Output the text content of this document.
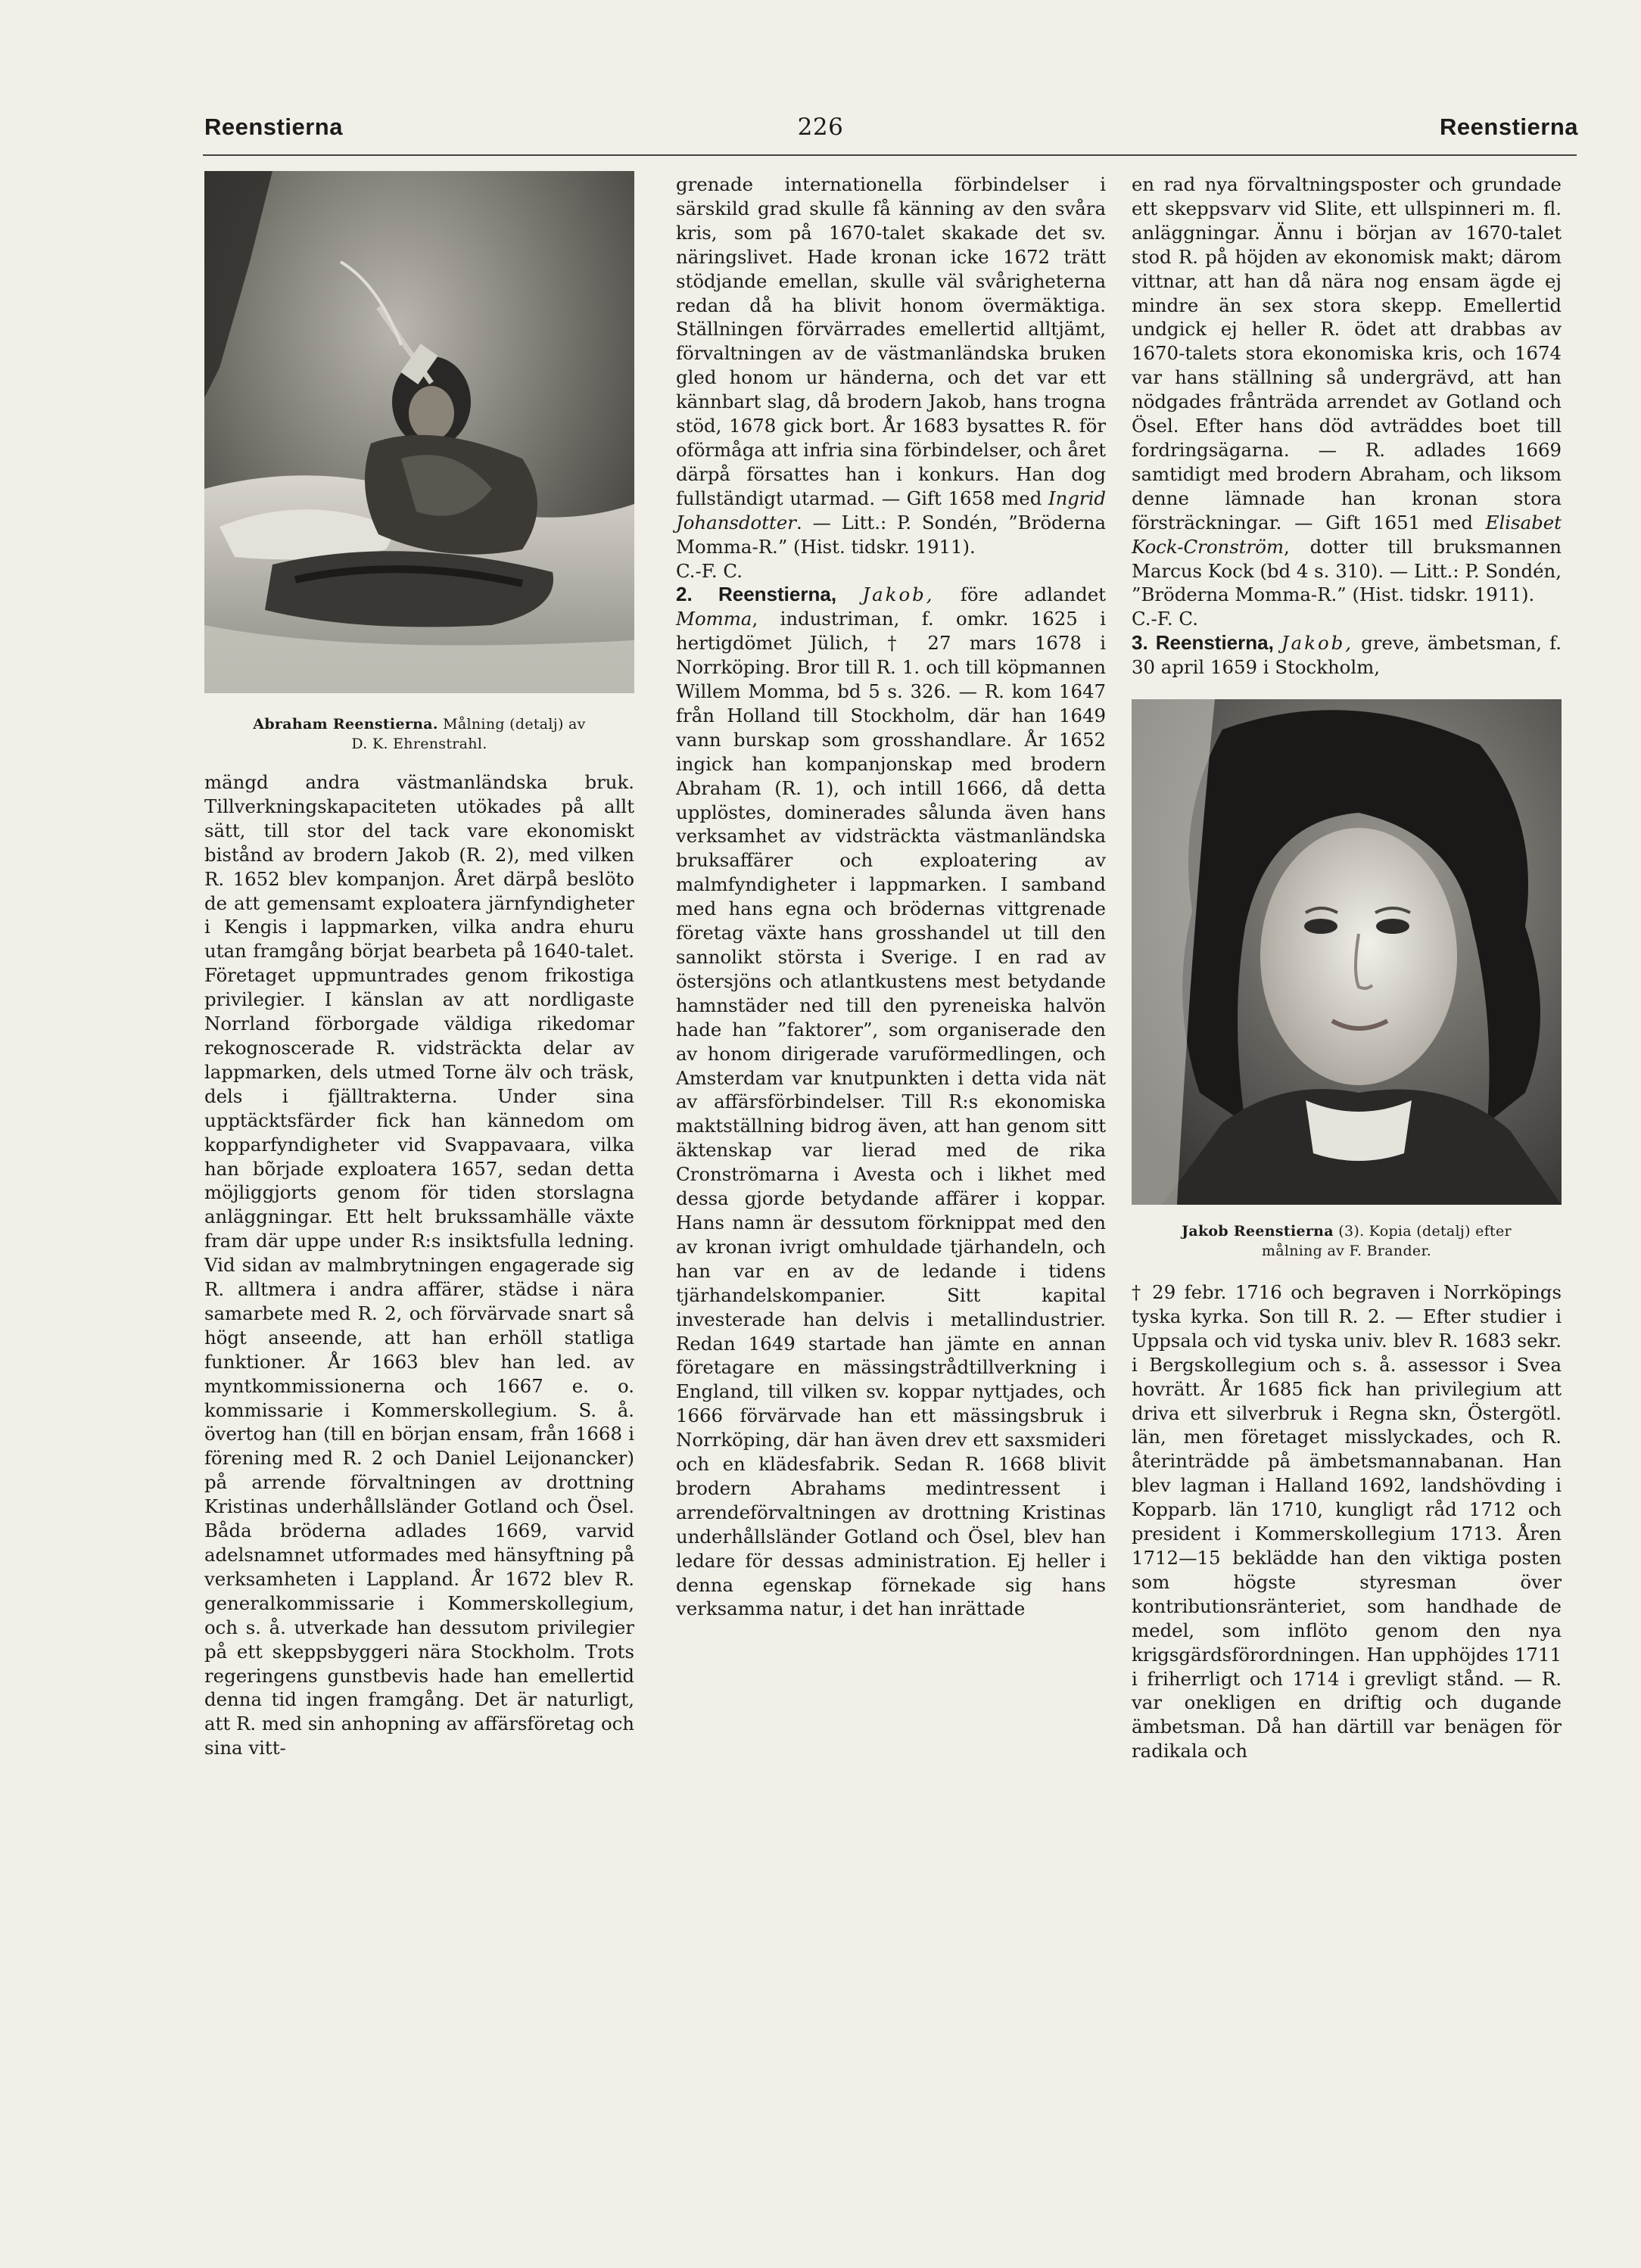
Reenstierna	226	Reenstierna
Abraham Reenstierna. Målning (detalj) av
D. K. Ehrenstrahl.

mängd andra västmanländska bruk. Tillverkningskapaciteten utökades på allt sätt, till stor del tack vare ekonomiskt bistånd av brodern Jakob (R. 2), med vilken R. 1652 blev kompanjon. Året därpå beslöto de att gemensamt exploatera järnfyndigheter i Kengis i lappmarken, vilka andra ehuru utan framgång börjat bearbeta på 1640-talet. Företaget uppmuntrades genom frikostiga privilegier. I känslan av att nordligaste Norrland förborgade väldiga rikedomar rekognoscerade R. vidsträckta delar av lappmarken, dels utmed Torne älv och träsk, dels i fjälltrakterna. Under sina upptäcktsfärder fick han kännedom om kopparfyndigheter vid Svappavaara, vilka han bõrjade exploatera 1657, sedan detta möjliggjorts genom för tiden storslagna anläggningar. Ett helt brukssamhälle växte fram där uppe under R:s insiktsfulla ledning. Vid sidan av malmbrytningen engagerade sig R. alltmera i andra affärer, städse i nära samarbete med R. 2, och förvärvade snart så högt anseende, att han erhöll statliga funktioner. År 1663 blev han led. av myntkommissionerna och 1667 e. o. kommissarie i Kommerskollegium. S. å. övertog han (till en början ensam, från 1668 i förening med R. 2 och Daniel Leijonancker) på arrende förvaltningen av drottning Kristinas underhållsländer Gotland och Ösel. Båda bröderna adlades 1669, varvid adelsnamnet utformades med hänsyftning på verksamheten i Lappland. År 1672 blev R. generalkommissarie i Kommerskollegium, och s. å. utverkade han dessutom privilegier på ett skeppsbyggeri nära Stockholm. Trots regeringens gunstbevis hade han emellertid denna tid ingen framgång. Det är naturligt, att R. med sin anhopning av affärsföretag och sina vitt-

grenade internationella förbindelser i särskild grad skulle få känning av den svåra kris, som på 1670-talet skakade det sv. näringslivet. Hade kronan icke 1672 trätt stödjande emellan, skulle väl svårigheterna redan då ha blivit honom övermäktiga. Ställningen förvärrades emellertid alltjämt, förvaltningen av de västmanländska bruken gled honom ur händerna, och det var ett kännbart slag, då brodern Jakob, hans trogna stöd, 1678 gick bort. År 1683 bysattes R. för oförmåga att infria sina förbindelser, och året därpå försattes han i konkurs. Han dog fullständigt utarmad. — Gift 1658 med Ingrid Johansdotter. — Litt.: P. Sondén, ”Bröderna Momma-R.” (Hist. tidskr. 1911).

C.-F. C.

2. Reenstierna, Jakob, före adlandet Momma, industriman, f. omkr. 1625 i hertigdömet Jülich, † 27 mars 1678 i Norrköping. Bror till R. 1. och till köpmannen Willem Momma, bd 5 s. 326. — R. kom 1647 från Holland till Stockholm, där han 1649 vann burskap som grosshandlare. År 1652 ingick han kompanjonskap med brodern Abraham (R. 1), och intill 1666, då detta upplöstes, dominerades sålunda även hans verksamhet av vidsträckta västmanländska bruksaffärer och exploatering av malmfyndigheter i lappmarken. I samband med hans egna och brödernas vittgrenade företag växte hans grosshandel ut till den sannolikt största i Sverige. I en rad av östersjöns och atlantkustens mest betydande hamnstäder ned till den pyreneiska halvön hade han ”faktorer”, som organiserade den av honom dirigerade varuförmedlingen, och Amsterdam var knutpunkten i detta vida nät av affärsförbindelser. Till R:s ekonomiska maktställning bidrog även, att han genom sitt äktenskap var lierad med de rika Cronströmarna i Avesta och i likhet med dessa gjorde betydande affärer i koppar. Hans namn är dessutom förknippat med den av kronan ivrigt omhuldade tjärhandeln, och han var en av de ledande i tidens tjärhandelskompanier. Sitt kapital investerade han delvis i metallindustrier. Redan 1649 startade han jämte en annan företagare en mässingstrådtillverkning i England, till vilken sv. koppar nyttjades, och 1666 förvärvade han ett mässingsbruk i Norrköping, där han även drev ett saxsmideri och en klädesfabrik. Sedan R. 1668 blivit brodern Abrahams medintressent i arrendeförvaltningen av drottning Kristinas underhållsländer Gotland och Ösel, blev han ledare för dessas administration. Ej heller i denna egenskap förnekade sig hans verksamma natur, i det han inrättade

en rad nya förvaltningsposter och grundade ett skeppsvarv vid Slite, ett ullspinneri m. fl. anläggningar. Ännu i början av 1670-talet stod R. på höjden av ekonomisk makt; därom vittnar, att han då nära nog ensam ägde ej mindre än sex stora skepp. Emellertid undgick ej heller R. ödet att drabbas av 1670-talets stora ekonomiska kris, och 1674 var hans ställning så undergrävd, att han nödgades frånträda arrendet av Gotland och Ösel. Efter hans död avträddes boet till fordringsägarna. — R. adlades 1669 samtidigt med brodern Abraham, och liksom denne lämnade han kronan stora försträckningar. — Gift 1651 med Elisabet Kock-Cronström, dotter till bruksmannen Marcus Kock (bd 4 s. 310). — Litt.: P. Sondén, ”Bröderna Momma-R.” (Hist. tidskr. 1911).

C.-F. C.

3. Reenstierna, Jakob, greve, ämbetsman, f. 30 april 1659 i Stockholm,

Jakob Reenstierna (3). Kopia (detalj) efter
målning av F. Brander.

† 29 febr. 1716 och begraven i Norrköpings tyska kyrka. Son till R. 2. — Efter studier i Uppsala och vid tyska univ. blev R. 1683 sekr. i Bergskollegium och s. å. assessor i Svea hovrätt. År 1685 fick han privilegium att driva ett silverbruk i Regna skn, Östergötl. län, men företaget misslyckades, och R. återinträdde på ämbetsmannabanan. Han blev lagman i Halland 1692, landshövding i Kopparb. län 1710, kungligt råd 1712 och president i Kommerskollegium 1713. Åren 1712—15 beklädde han den viktiga posten som högste styresman över kontributionsränteriet, som handhade de medel, som inflöto genom den nya krigsgärdsförordningen. Han upphöjdes 1711 i friherrligt och 1714 i grevligt stånd. — R. var onekligen en driftig och dugande ämbetsman. Då han därtill var benägen för radikala och
